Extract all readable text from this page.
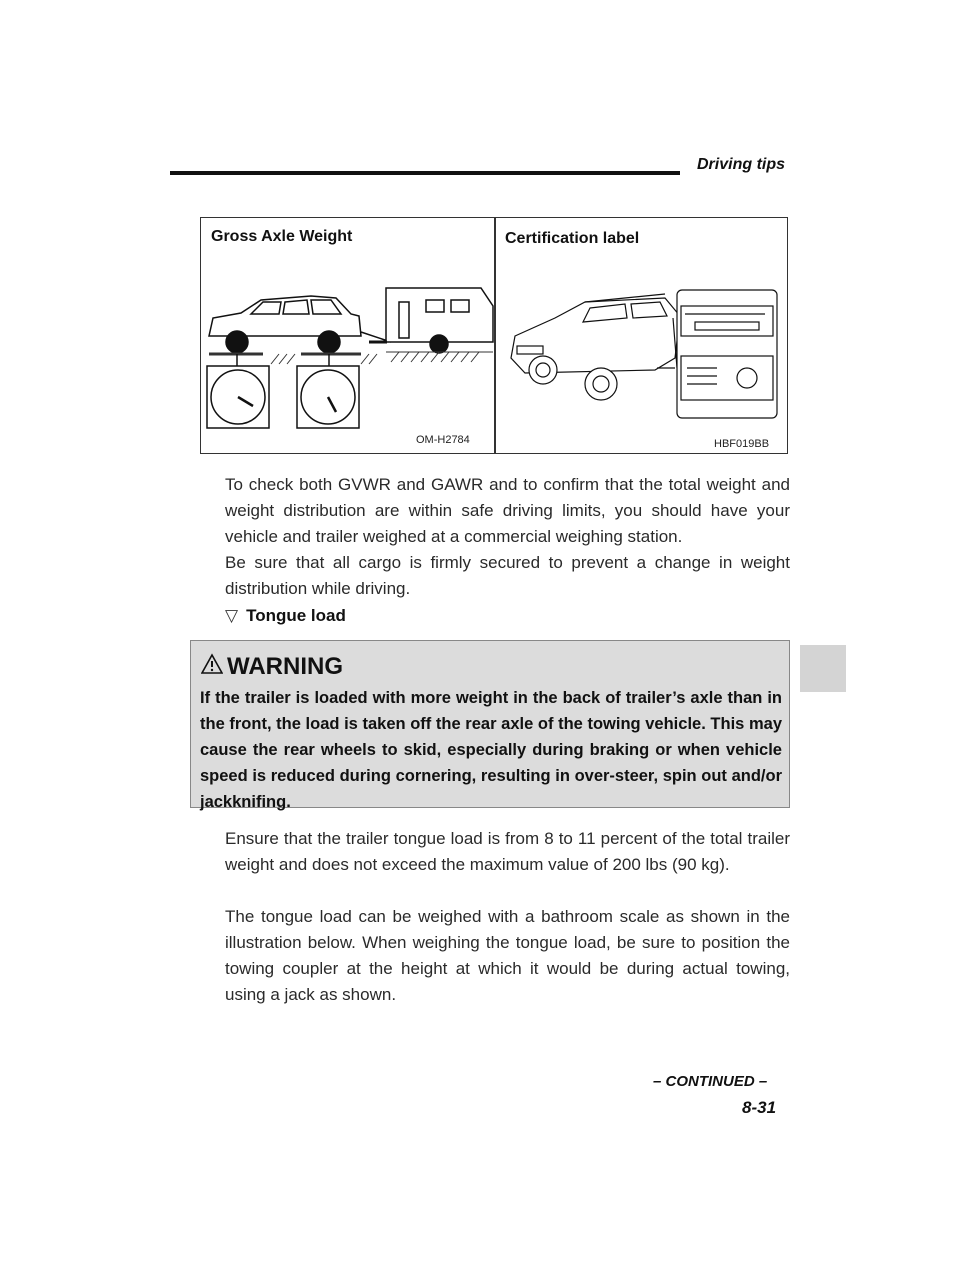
Driving tips
Gross Axle Weight
OM-H2784
Certification label
HBF019BB

To check both GVWR and GAWR and to confirm that the total weight and weight distribution are within safe driving limits, you should have your vehicle and trailer weighed at a commercial weighing station.

Be sure that all cargo is firmly secured to prevent a change in weight distribution while driving.

▽ Tongue load
WARNING

If the trailer is loaded with more weight in the back of trailer’s axle than in the front, the load is taken off the rear axle of the towing vehicle. This may cause the rear wheels to skid, especially during braking or when vehicle speed is reduced during cornering, resulting in over-steer, spin out and/or jackknifing.

Ensure that the trailer tongue load is from 8 to 11 percent of the total trailer weight and does not exceed the maximum value of 200 lbs (90 kg).

The tongue load can be weighed with a bathroom scale as shown in the illustration below. When weighing the tongue load, be sure to position the towing coupler at the height at which it would be during actual towing, using a jack as shown.

– CONTINUED –
8-31
